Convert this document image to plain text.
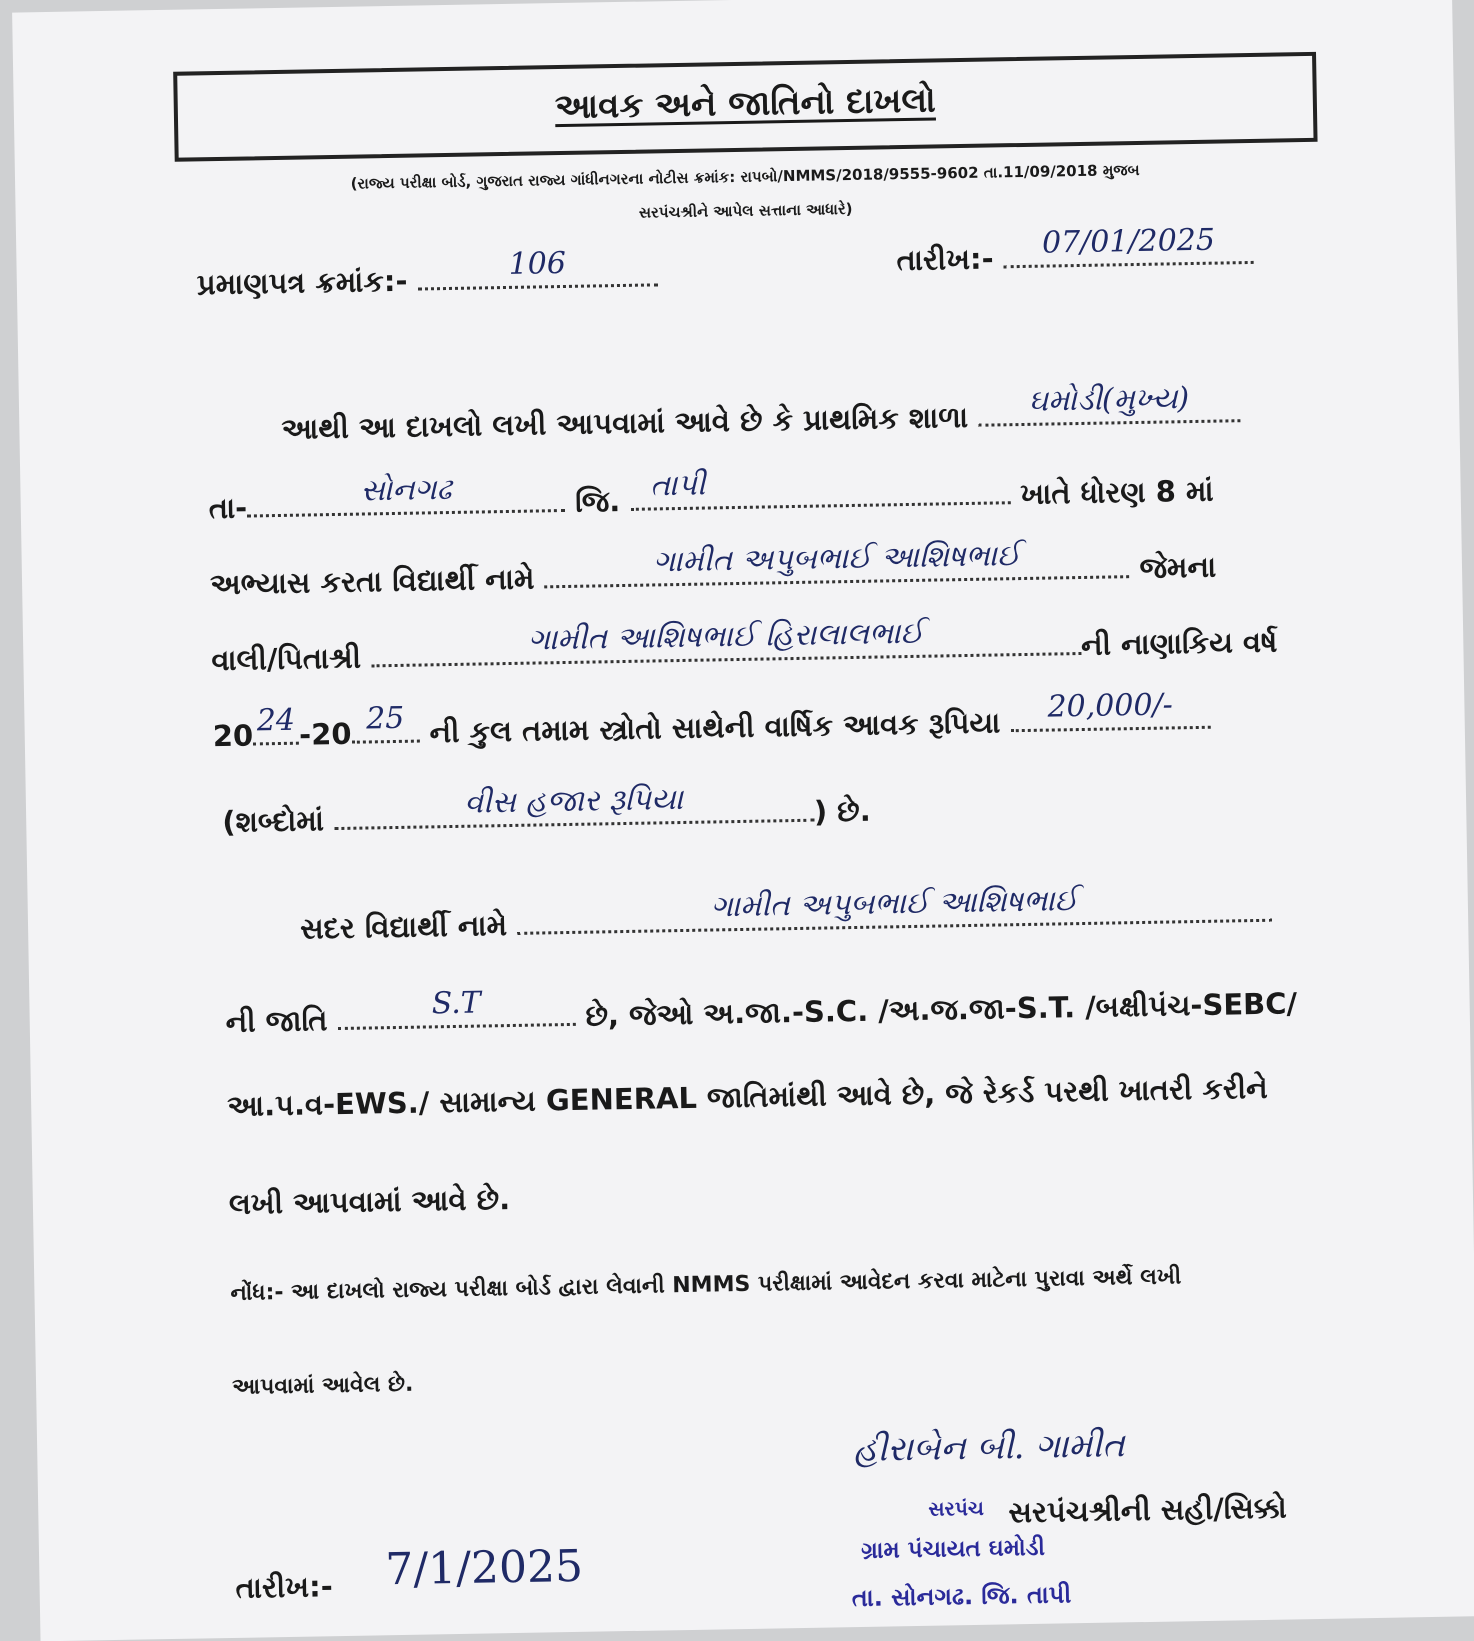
આવક અને જાતિનો દાખલો
(રાજ્ય પરીક્ષા બોર્ડ, ગુજરાત રાજ્ય ગાંધીનગરના નોટીસ ક્રમાંક: રાપબો/NMMS/2018/9555-9602 તા.11/09/2018 મુજબ
સરપંચશ્રીને આપેલ સત્તાના આધારે)
પ્રમાણપત્ર ક્રમાંક:-	106	તારીખ:-	07/01/2025
આથી આ દાખલો લખી આપવામાં આવે છે કે પ્રાથમિક શાળા	ઘમોડી(મુખ્ય)
તા-	સોનગઢ	જિ. તાપી	ખાતે ધોરણ 8 માં
અભ્યાસ કરતા વિદ્યાર્થી નામે
ગામીત અપુબભાઈ આશિષભાઈ	જેમના
વાલી/પિતાશ્રી
ગામીત આશિષભાઈ હિરાલાલભાઈ	ની નાણાકિય વર્ષ
20 24 -20 25 ની કુલ તમામ સ્ત્રોતો સાથેની વાર્ષિક આવક રૂપિયા	20,000/-
(શબ્દોમાં
વીસ હજાર રૂપિયા	) છે.
સદર વિદ્યાર્થી નામે
ગામીત અપુબભાઈ આશિષભાઈ
ની જાતિ	S.T	છે, જેઓ અ.જા.-S.C. /અ.જ.જા-S.T. /બક્ષીપંચ-SEBC/
આ.પ.વ-EWS./ સામાન્ય GENERAL જાતિમાંથી આવે છે, જે રેકર્ડ પરથી ખાતરી કરીને
લખી આપવામાં આવે છે.
નોંધ:- આ દાખલો રાજ્ય પરીક્ષા બોર્ડ દ્વારા લેવાની NMMS પરીક્ષામાં આવેદન કરવા માટેના પુરાવા અર્થે લખી
આપવામાં આવેલ છે.
હીરાબેન બી. ગામીત
સરપંચ સરપંચશ્રીની સહી/સિક્કો
ગ્રામ પંચાયત ઘમોડી
તા. સોનગઢ. જિ. તાપી
તારીખ:- 7/1/2025
